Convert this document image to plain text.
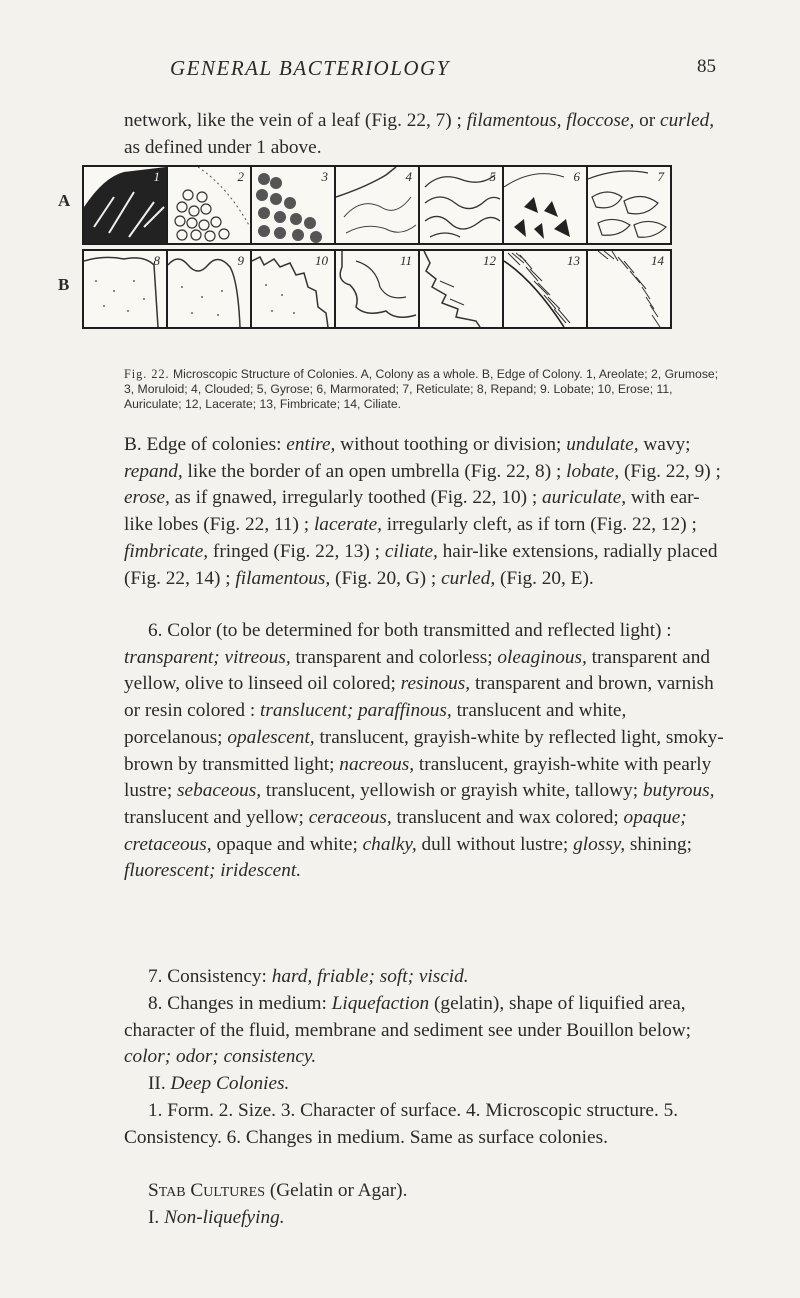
GENERAL BACTERIOLOGY	85

network, like the vein of a leaf (Fig. 22, 7) ; filamentous, floccose, or curled, as defined under 1 above.

A
B
1	2	3	4	5	6	7
8	9	10	11	12	13	14

Fig. 22. Microscopic Structure of Colonies. A, Colony as a whole. B, Edge of Colony. 1, Areolate; 2, Grumose; 3, Moruloid; 4, Clouded; 5, Gyrose; 6, Marmorated; 7, Reticulate; 8, Repand; 9. Lobate; 10, Erose; 11, Auriculate; 12, Lacerate; 13, Fimbricate; 14, Ciliate.

B. Edge of colonies: entire, without toothing or division; undulate, wavy; repand, like the border of an open umbrella (Fig. 22, 8) ; lobate, (Fig. 22, 9) ; erose, as if gnawed, irregularly toothed (Fig. 22, 10) ; auriculate, with ear-like lobes (Fig. 22, 11) ; lacerate, irregularly cleft, as if torn (Fig. 22, 12) ; fimbricate, fringed (Fig. 22, 13) ; ciliate, hair-like extensions, radially placed (Fig. 22, 14) ; filamentous, (Fig. 20, G) ; curled, (Fig. 20, E).

6. Color (to be determined for both transmitted and reflected light) : transparent; vitreous, transparent and colorless; oleaginous, transparent and yellow, olive to linseed oil colored; resinous, transparent and brown, varnish or resin colored : translucent; paraffinous, translucent and white, porcelanous; opalescent, translucent, grayish-white by reflected light, smoky-brown by transmitted light; nacreous, translucent, grayish-white with pearly lustre; sebaceous, translucent, yellowish or grayish white, tallowy; butyrous, translucent and yellow; ceraceous, translucent and wax colored; opaque; cretaceous, opaque and white; chalky, dull without lustre; glossy, shining; fluorescent; iridescent.

7. Consistency: hard, friable; soft; viscid.

8. Changes in medium: Liquefaction (gelatin), shape of liquified area, character of the fluid, membrane and sediment see under Bouillon below; color; odor; consistency.

II. Deep Colonies.

1. Form. 2. Size. 3. Character of surface. 4. Microscopic structure. 5. Consistency. 6. Changes in medium. Same as surface colonies.

Stab Cultures (Gelatin or Agar).

I. Non-liquefying.
